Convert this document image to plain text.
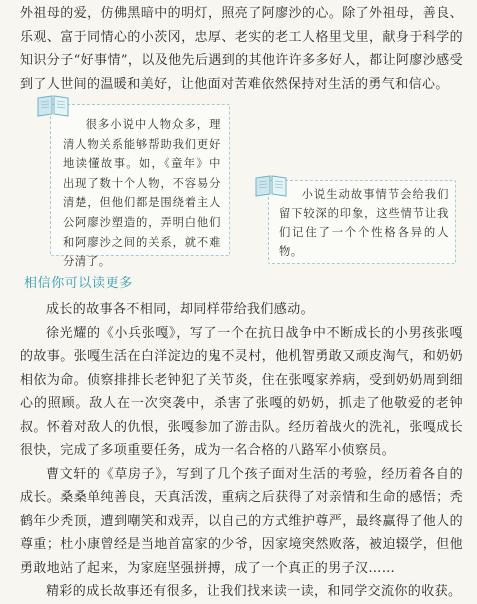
外祖母的爱，仿佛黑暗中的明灯，照亮了阿廖沙的心。除了外祖母，善良、乐观、富于同情心的小茨冈，忠厚、老实的老工人格里戈里，献身于科学的知识分子“好事情”，以及他先后遇到的其他许许多多好人，都让阿廖沙感受到了人世间的温暖和美好，让他面对苦难依然保持对生活的勇气和信心。

很多小说中人物众多，理清人物关系能够帮助我们更好地读懂故事。如，《童年》中出现了数十个人物，不容易分清楚，但他们都是围绕着主人公阿廖沙塑造的，弄明白他们和阿廖沙之间的关系，就不难分清了。
小说生动故事情节会给我们留下较深的印象，这些情节让我们记住了一个个性格各异的人物。
相信你可以读更多

成长的故事各不相同，却同样带给我们感动。

徐光耀的《小兵张嘎》，写了一个在抗日战争中不断成长的小男孩张嘎的故事。张嘎生活在白洋淀边的鬼不灵村，他机智勇敢又顽皮淘气，和奶奶相依为命。侦察排排长老钟犯了关节炎，住在张嘎家养病，受到奶奶周到细心的照顾。敌人在一次突袭中，杀害了张嘎的奶奶，抓走了他敬爱的老钟叔。怀着对敌人的仇恨，张嘎参加了游击队。经历着战火的洗礼，张嘎成长很快，完成了多项重要任务，成为一名合格的八路军小侦察员。

曹文轩的《草房子》，写到了几个孩子面对生活的考验，经历着各自的成长。桑桑单纯善良，天真活泼，重病之后获得了对亲情和生命的感悟；秃鹤年少秃顶，遭到嘲笑和戏弄，以自己的方式维护尊严，最终赢得了他人的尊重；杜小康曾经是当地首富家的少爷，因家境突然败落，被迫辍学，但他勇敢地站了起来，为家庭坚强拼搏，成了一个真正的男子汉……

精彩的成长故事还有很多，让我们找来读一读，和同学交流你的收获。
